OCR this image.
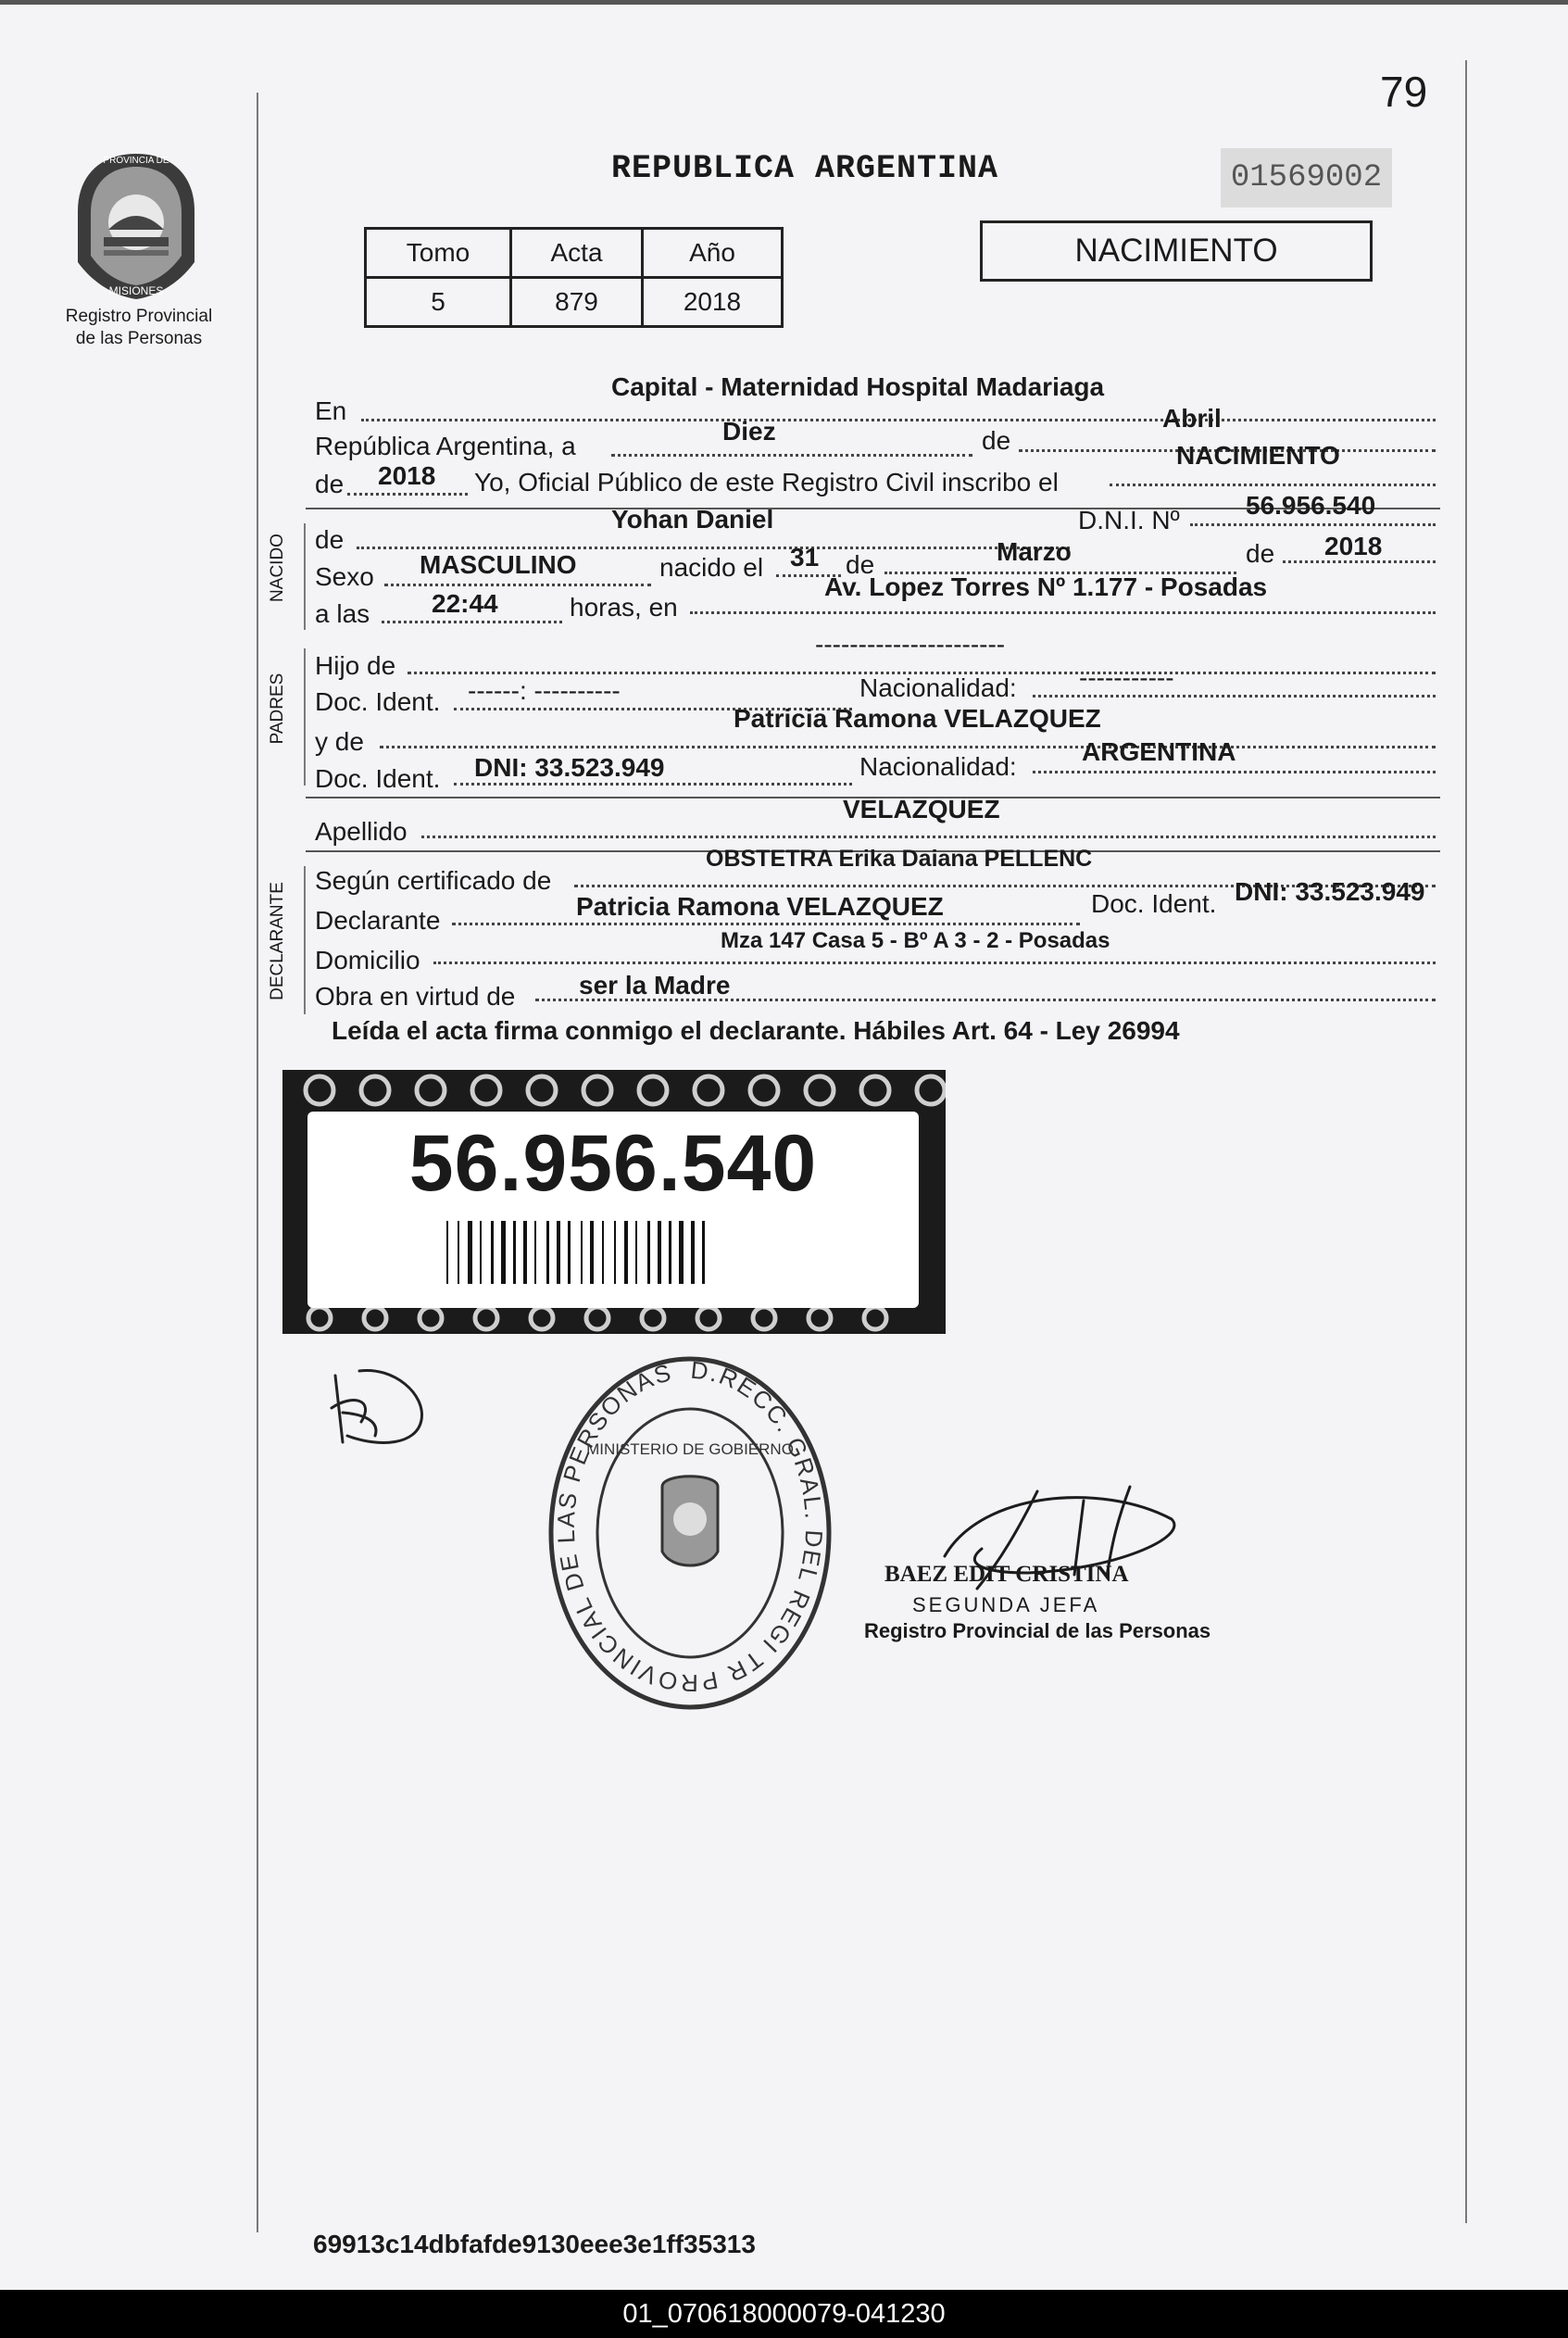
79
PROVINCIA DE
MISIONES
Registro Provincial
de las Personas
REPUBLICA ARGENTINA	01569002
NACIMIENTO
Tomo	Acta	Año
5	879	2018
En
Capital - Maternidad Hospital Madariaga
República Argentina, a
Diez	de
Abril
de 2018 Yo, Oficial Público de este Registro Civil inscribo el
NACIMIENTO
NACIDO de
Yohan Daniel	D.N.I. Nº
56.956.540
Sexo MASCULINO	nacido el 31 de	Marzo	de 2018
a las 22:44	horas, en
Av. Lopez Torres Nº 1.177 - Posadas
PADRES
Hijo de
----------------------
Doc. Ident. ------: ----------	Nacionalidad: -----------
y de
Patricia Ramona VELAZQUEZ
Doc. Ident. DNI: 33.523.949	Nacionalidad:
ARGENTINA
Apellido
VELAZQUEZ
DECLARANTE
Según certificado de
OBSTETRA Erika Daiana PELLENC
Declarante	Patricia Ramona VELAZQUEZ	Doc. Ident. DNI: 33.523.949
Domicilio
Mza 147 Casa 5 - Bº A 3 - 2 - Posadas
Obra en virtud de ser la Madre
Leída el acta firma conmigo el declarante. Hábiles Art. 64 - Ley 26994
56.956.540
D.RECC. GRAL. DEL REGI TR PROVINCIAL DE LAS PERSONAS
MINISTERIO DE GOBIERNO
BAEZ EDIT CRISTINA
SEGUNDA JEFA
Registro Provincial de las Personas
69913c14dbfafde9130eee3e1ff35313
01_070618000079-041230
